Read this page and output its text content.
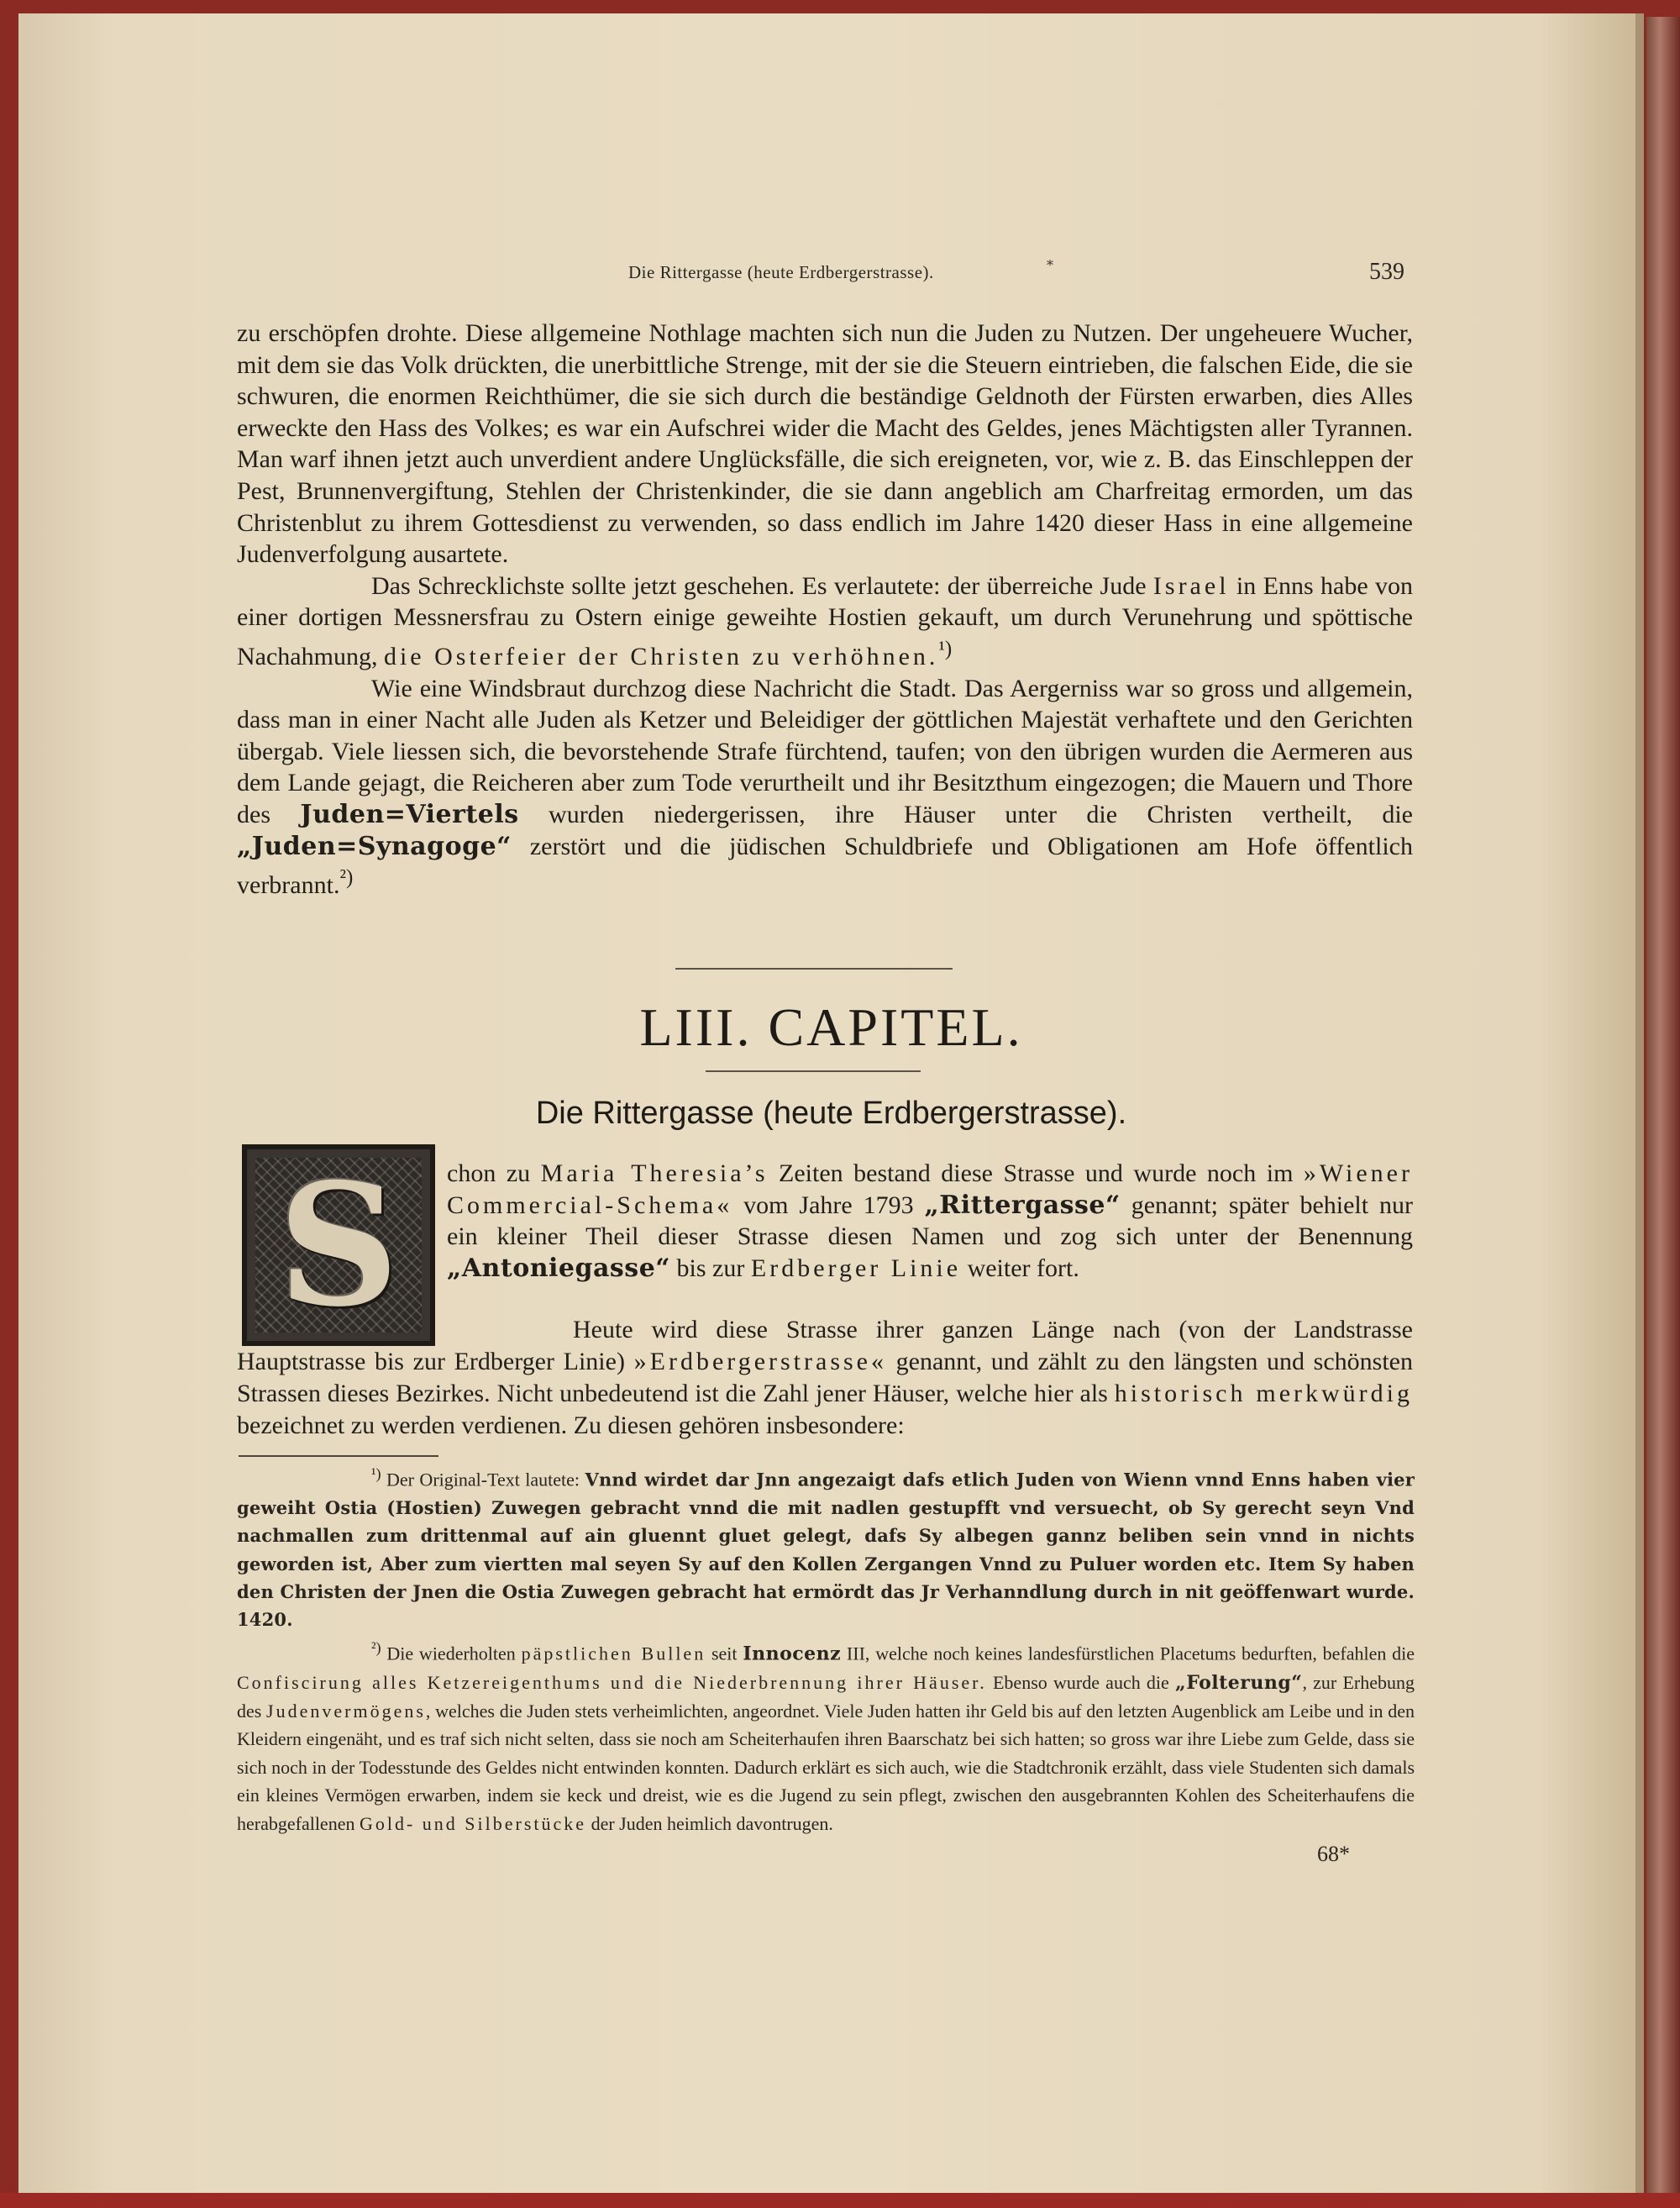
Die Rittergasse (heute Erdbergerstrasse).	*	539

zu erschöpfen drohte. Diese allgemeine Nothlage machten sich nun die Juden zu Nutzen. Der ungeheuere Wucher, mit dem sie das Volk drückten, die unerbittliche Strenge, mit der sie die Steuern eintrieben, die falschen Eide, die sie schwuren, die enormen Reichthümer, die sie sich durch die beständige Geldnoth der Fürsten erwarben, dies Alles erweckte den Hass des Volkes; es war ein Aufschrei wider die Macht des Geldes, jenes Mächtigsten aller Tyrannen. Man warf ihnen jetzt auch unverdient andere Unglücksfälle, die sich ereigneten, vor, wie z. B. das Einschleppen der Pest, Brunnenvergiftung, Stehlen der Christenkinder, die sie dann angeblich am Charfreitag ermorden, um das Christenblut zu ihrem Gottesdienst zu verwenden, so dass endlich im Jahre 1420 dieser Hass in eine allgemeine Judenverfolgung ausartete.

Das Schrecklichste sollte jetzt geschehen. Es verlautete: der überreiche Jude Israel in Enns habe von einer dortigen Messnersfrau zu Ostern einige geweihte Hostien gekauft, um durch Verunehrung und spöttische Nachahmung, die Osterfeier der Christen zu verhöhnen.$^{^1)}$

Wie eine Windsbraut durchzog diese Nachricht die Stadt. Das Aergerniss war so gross und allgemein, dass man in einer Nacht alle Juden als Ketzer und Beleidiger der göttlichen Majestät verhaftete und den Gerichten übergab. Viele liessen sich, die bevorstehende Strafe fürchtend, taufen; von den übrigen wurden die Aermeren aus dem Lande gejagt, die Reicheren aber zum Tode verurtheilt und ihr Besitzthum eingezogen; die Mauern und Thore des Juden=Viertels wurden niedergerissen, ihre Häuser unter die Christen vertheilt, die „Juden=Synagoge“ zerstört und die jüdischen Schuldbriefe und Obligationen am Hofe öffentlich verbrannt.$^{^2)}$

LIII. CAPITEL.
Die Rittergasse (heute Erdbergerstrasse).
S	chon zu Maria Theresia’s Zeiten bestand diese Strasse und wurde noch im »Wiener Commercial-Schema« vom Jahre 1793 „Rittergasse“ genannt; später behielt nur ein kleiner Theil dieser Strasse diesen Namen und zog sich unter der Benennung „Antoniegasse“ bis zur Erdberger Linie weiter fort.

Heute wird diese Strasse ihrer ganzen Länge nach (von der Landstrasse Hauptstrasse bis zur Erdberger Linie) »Erdbergerstrasse« genannt, und zählt zu den längsten und schönsten Strassen dieses Bezirkes. Nicht unbedeutend ist die Zahl jener Häuser, welche hier als historisch merkwürdig bezeichnet zu werden verdienen. Zu diesen gehören insbesondere:

$^{^1)}$ Der Original-Text lautete: Vnnd wirdet dar Jnn angezaigt dafs etlich Juden von Wienn vnnd Enns haben vier geweiht Ostia (Hostien) Zuwegen gebracht vnnd die mit nadlen gestupfft vnd versuecht, ob Sy gerecht seyn Vnd nachmallen zum drittenmal auf ain gluennt gluet gelegt, dafs Sy albegen gannz beliben sein vnnd in nichts geworden ist, Aber zum viertten mal seyen Sy auf den Kollen Zergangen Vnnd zu Puluer worden etc. Item Sy haben den Christen der Jnen die Ostia Zuwegen gebracht hat ermördt das Jr Verhanndlung durch in nit geöffenwart wurde. 1420.

$^{^2)}$ Die wiederholten päpstlichen Bullen seit Innocenz III, welche noch keines landesfürstlichen Placetums bedurften, befahlen die Confiscirung alles Ketzereigenthums und die Niederbrennung ihrer Häuser. Ebenso wurde auch die „Folterung“, zur Erhebung des Judenvermögens, welches die Juden stets verheimlichten, angeordnet. Viele Juden hatten ihr Geld bis auf den letzten Augenblick am Leibe und in den Kleidern eingenäht, und es traf sich nicht selten, dass sie noch am Scheiterhaufen ihren Baarschatz bei sich hatten; so gross war ihre Liebe zum Gelde, dass sie sich noch in der Todesstunde des Geldes nicht entwinden konnten. Dadurch erklärt es sich auch, wie die Stadtchronik erzählt, dass viele Studenten sich damals ein kleines Vermögen erwarben, indem sie keck und dreist, wie es die Jugend zu sein pflegt, zwischen den ausgebrannten Kohlen des Scheiterhaufens die herabgefallenen Gold- und Silberstücke der Juden heimlich davontrugen.

68*
